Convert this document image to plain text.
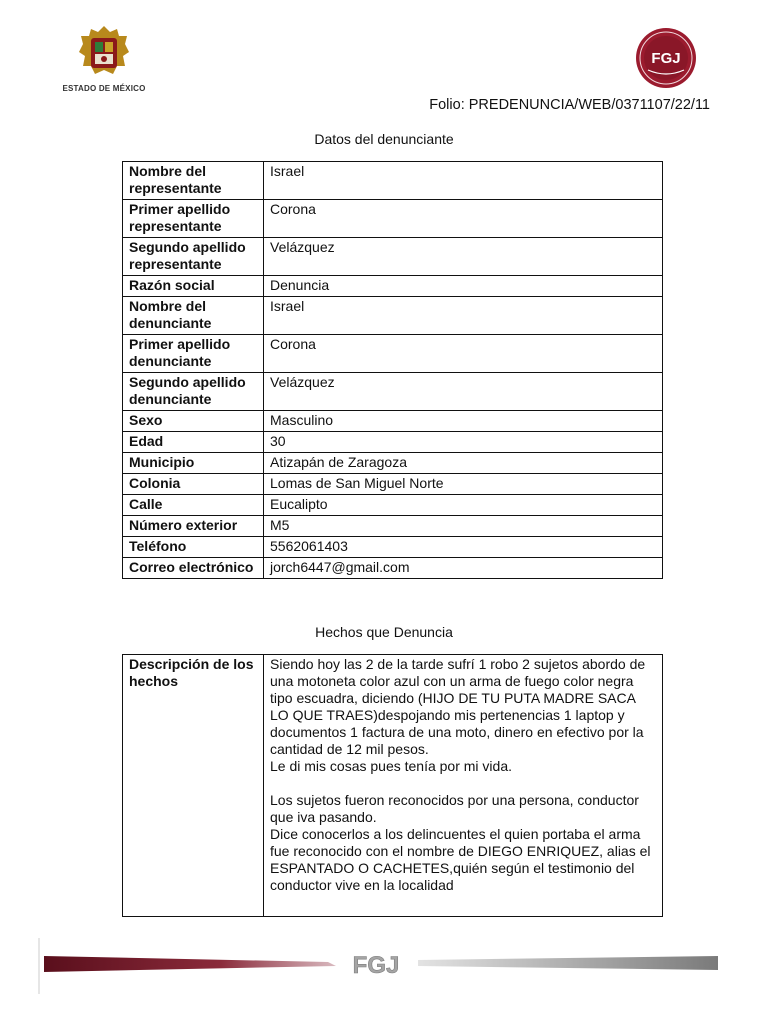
ESTADO DE MÉXICO
FGJ
Folio: PREDENUNCIA/WEB/0371107/22/11
Datos del denunciante
Nombre del representante	Israel
Primer apellido representante	Corona
Segundo apellido representante	Velázquez
Razón social	Denuncia
Nombre del denunciante	Israel
Primer apellido denunciante	Corona
Segundo apellido denunciante	Velázquez
Sexo	Masculino
Edad	30
Municipio	Atizapán de Zaragoza
Colonia	Lomas de San Miguel Norte
Calle	Eucalipto
Número exterior	M5
Teléfono	5562061403
Correo electrónico	jorch6447@gmail.com
Hechos que Denuncia
Descripción de los hechos	
Siendo hoy las 2 de la tarde sufrí 1 robo 2 sujetos abordo de una motoneta color azul con un arma de fuego color negra tipo escuadra, diciendo (HIJO DE TU PUTA MADRE SACA LO QUE TRAES)despojando mis pertenencias 1 laptop y documentos 1 factura de una moto, dinero en efectivo por la cantidad de 12 mil pesos.
Le di mis cosas pues tenía por mi vida.

Los sujetos fueron reconocidos por una persona, conductor que iva pasando.
Dice conocerlos a los delincuentes el quien portaba el arma fue reconocido con el nombre de DIEGO ENRIQUEZ, alias el ESPANTADO O CACHETES,quién según el testimonio del conductor vive en la localidad
FGJ
